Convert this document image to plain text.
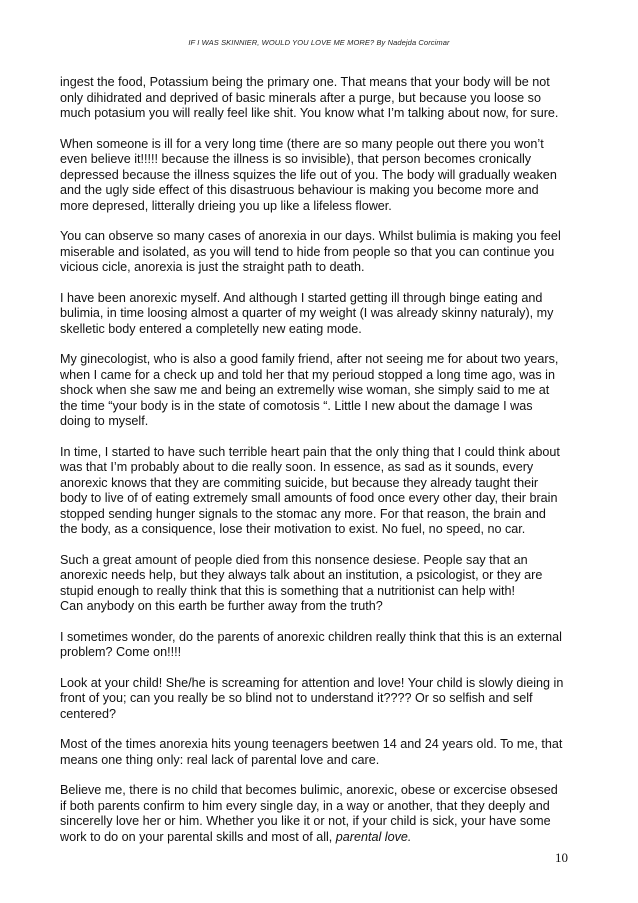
IF I WAS SKINNIER, WOULD YOU LOVE ME MORE? By Nadejda Corcimar

ingest the food, Potassium being the primary one. That means that your body will be not
only dihidrated and deprived of basic minerals after a purge, but because you loose so
much potasium you will really feel like shit. You know what I’m talking about now, for sure.

When someone is ill for a very long time (there are so many people out there you won’t
even believe it!!!!! because the illness is so invisible), that person becomes cronically
depressed because the illness squizes the life out of you. The body will gradually weaken
and the ugly side effect of this disastruous behaviour is making you become more and
more depresed, litterally drieing you up like a lifeless flower.

You can observe so many cases of anorexia in our days. Whilst bulimia is making you feel
miserable and isolated, as you will tend to hide from people so that you can continue you
vicious cicle, anorexia is just the straight path to death.

I have been anorexic myself. And although I started getting ill through binge eating and
bulimia, in time loosing almost a quarter of my weight (I was already skinny naturaly), my
skelletic body entered a completelly new eating mode.

My ginecologist, who is also a good family friend, after not seeing me for about two years,
when I came for a check up and told her that my perioud stopped a long time ago, was in
shock when she saw me and being an extremelly wise woman, she simply said to me at
the time “your body is in the state of comotosis “. Little I new about the damage I was
doing to myself.

In time, I started to have such terrible heart pain that the only thing that I could think about
was that I’m probably about to die really soon. In essence, as sad as it sounds, every
anorexic knows that they are commiting suicide, but because they already taught their
body to live of of eating extremely small amounts of food once every other day, their brain
stopped sending hunger signals to the stomac any more. For that reason, the brain and
the body, as a consiquence, lose their motivation to exist. No fuel, no speed, no car.

Such a great amount of people died from this nonsence desiese. People say that an
anorexic needs help, but they always talk about an institution, a psicologist, or they are
stupid enough to really think that this is something that a nutritionist can help with!
Can anybody on this earth be further away from the truth?

I sometimes wonder, do the parents of anorexic children really think that this is an external
problem? Come on!!!!

Look at your child! She/he is screaming for attention and love! Your child is slowly dieing in
front of you; can you really be so blind not to understand it???? Or so selfish and self
centered?

Most of the times anorexia hits young teenagers beetwen 14 and 24 years old. To me, that
means one thing only: real lack of parental love and care.

Believe me, there is no child that becomes bulimic, anorexic, obese or excercise obsesed
if both parents confirm to him every single day, in a way or another, that they deeply and
sincerelly love her or him. Whether you like it or not, if your child is sick, your have some
work to do on your parental skills and most of all, parental love.

10
